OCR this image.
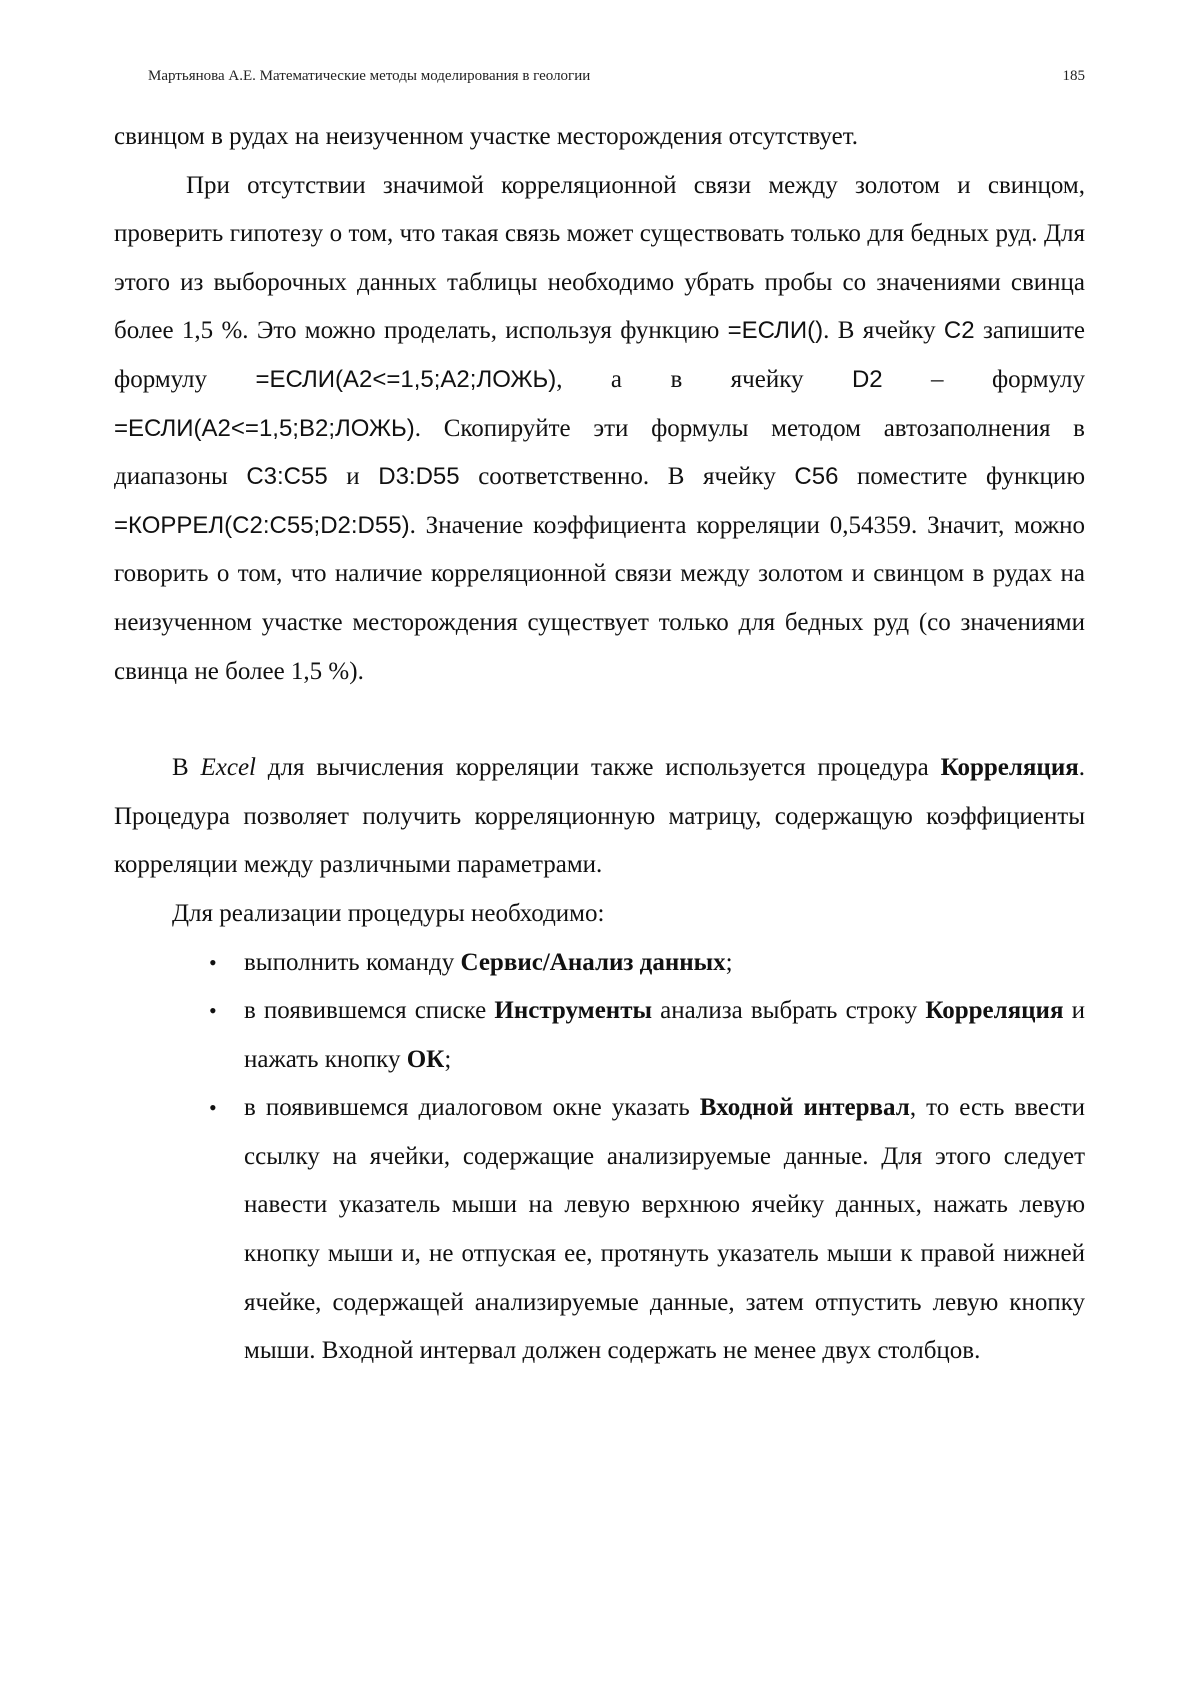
Мартьянова А.Е. Математические методы моделирования в геологии	185

свинцом в рудах на неизученном участке месторождения отсутствует.

При отсутствии значимой корреляционной связи между золотом и свинцом, проверить гипотезу о том, что такая связь может существовать только для бедных руд. Для этого из выборочных данных таблицы необходимо убрать пробы со значениями свинца более 1,5 %. Это можно проделать, используя функцию =ЕСЛИ(). В ячейку С2 запишите формулу =ЕСЛИ(А2<=1,5;А2;ЛОЖЬ), а в ячейку D2 – формулу =ЕСЛИ(А2<=1,5;В2;ЛОЖЬ). Скопируйте эти формулы методом автозаполнения в диапазоны С3:С55 и D3:D55 соответственно. В ячейку С56 поместите функцию =КОРРЕЛ(С2:С55;D2:D55). Значение коэффициента корреляции 0,54359. Значит, можно говорить о том, что наличие корреляционной связи между золотом и свинцом в рудах на неизученном участке месторождения существует только для бедных руд (со значениями свинца не более 1,5 %).

В Excel для вычисления корреляции также используется процедура Корреляция. Процедура позволяет получить корреляционную матрицу, содержащую коэффициенты корреляции между различными параметрами.

Для реализации процедуры необходимо:

• выполнить команду Сервис/Анализ данных;
• в появившемся списке Инструменты анализа выбрать строку Корреляция и нажать кнопку ОК;
• в появившемся диалоговом окне указать Входной интервал, то есть ввести ссылку на ячейки, содержащие анализируемые данные. Для этого следует навести указатель мыши на левую верхнюю ячейку данных, нажать левую кнопку мыши и, не отпуская ее, протянуть указатель мыши к правой нижней ячейке, содержащей анализируемые данные, затем отпустить левую кнопку мыши. Входной интервал должен содержать не менее двух столбцов.
